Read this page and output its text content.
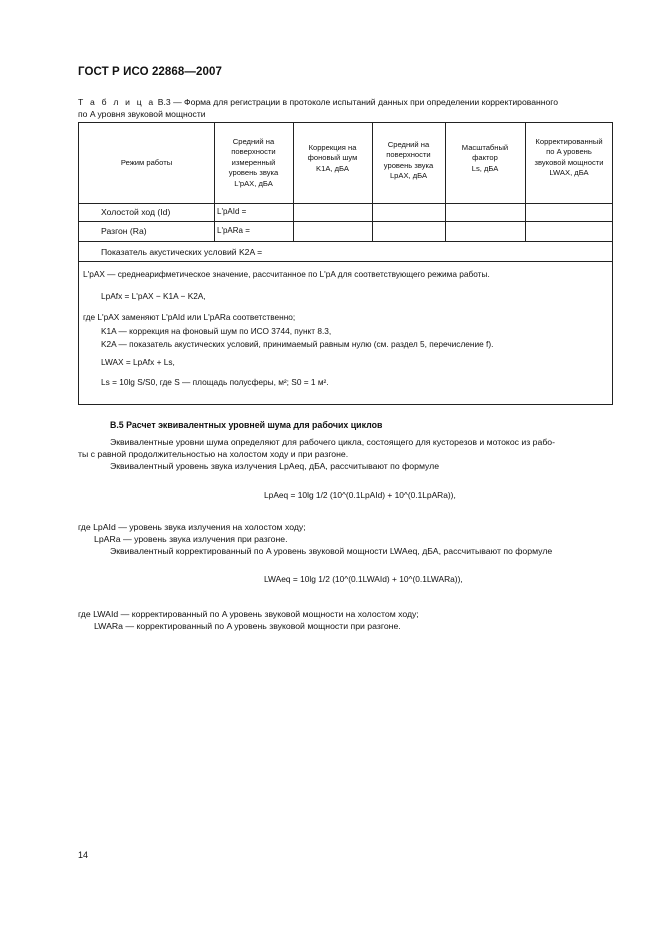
ГОСТ Р ИСО 22868—2007
Т а б л и ц а В.3 — Форма для регистрации в протоколе испытаний данных при определении корректированного
по A уровня звуковой мощности
Режим работы
Средний на
поверхности
измеренный
уровень звука
L'pAX, дБА
Коррекция на
фоновый шум
K1A, дБА
Средний на
поверхности
уровень звука
LpAX, дБА
Масштабный
фактор
Ls, дБА
Корректированный
по A уровень
звуковой мощности
LWAX, дБА
Холостой ход (Id)	L'pAId =
Разгон (Ra)	L'pARa =
Показатель акустических условий K2A =
L'pAX — среднеарифметическое значение, рассчитанное по L'pA для соответствующего режима работы.
LpAfx = L'pAX − K1A − K2A,
где L'pAX заменяют L'pAId или L'pARa соответственно;
K1A — коррекция на фоновый шум по ИСО 3744, пункт 8.3,
K2A — показатель акустических условий, принимаемый равным нулю (см. раздел 5, перечисление f).
LWAX = LpAfx + Ls,
Ls = 10lg S/S0, где S — площадь полусферы, м²; S0 = 1 м².
В.5 Расчет эквивалентных уровней шума для рабочих циклов
Эквивалентные уровни шума определяют для рабочего цикла, состоящего для кусторезов и мотокос из рабо-
ты с равной продолжительностью на холостом ходу и при разгоне.
Эквивалентный уровень звука излучения LpAeq, дБА, рассчитывают по формуле
LpAeq = 10lg 1/2 (10^(0.1LpAId) + 10^(0.1LpARa)),
где LpAId — уровень звука излучения на холостом ходу;
LpARa — уровень звука излучения при разгоне.
Эквивалентный корректированный по A уровень звуковой мощности LWAeq, дБА, рассчитывают по формуле
LWAeq = 10lg 1/2 (10^(0.1LWAId) + 10^(0.1LWARa)),
где LWAId — корректированный по A уровень звуковой мощности на холостом ходу;
LWARa — корректированный по A уровень звуковой мощности при разгоне.
14
